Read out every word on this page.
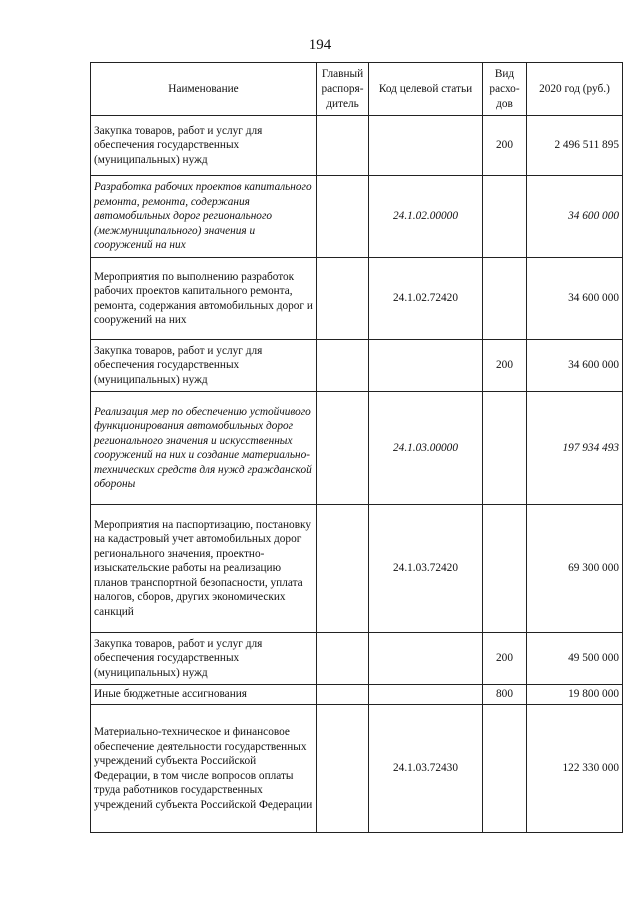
194
Наименование	Главный распоря- дитель	Код целевой статьи	Вид расхо- дов	2020 год (руб.)
Закупка товаров, работ и услуг для обеспечения государственных (муниципальных) нужд			200	2 496 511 895
Разработка рабочих проектов капитального ремонта, ремонта, содержания автомобильных дорог регионального (межмуниципального) значения и сооружений на них		24.1.02.00000		34 600 000
Мероприятия по выполнению разработок рабочих проектов капитального ремонта, ремонта, содержания автомобильных дорог и сооружений на них		24.1.02.72420		34 600 000
Закупка товаров, работ и услуг для обеспечения государственных (муниципальных) нужд			200	34 600 000
Реализация мер по обеспечению устойчивого функционирования автомобильных дорог регионального значения и искусственных сооружений на них и создание материально-технических средств для нужд гражданской обороны		24.1.03.00000		197 934 493
Мероприятия на паспортизацию, постановку на кадастровый учет автомобильных дорог регионального значения, проектно-изыскательские работы на реализацию планов транспортной безопасности, уплата налогов, сборов, других экономических санкций		24.1.03.72420		69 300 000
Закупка товаров, работ и услуг для обеспечения государственных (муниципальных) нужд			200	49 500 000
Иные бюджетные ассигнования			800	19 800 000
Материально-техническое и финансовое обеспечение деятельности государственных учреждений субъекта Российской Федерации, в том числе вопросов оплаты труда работников государственных учреждений субъекта Российской Федерации		24.1.03.72430		122 330 000
